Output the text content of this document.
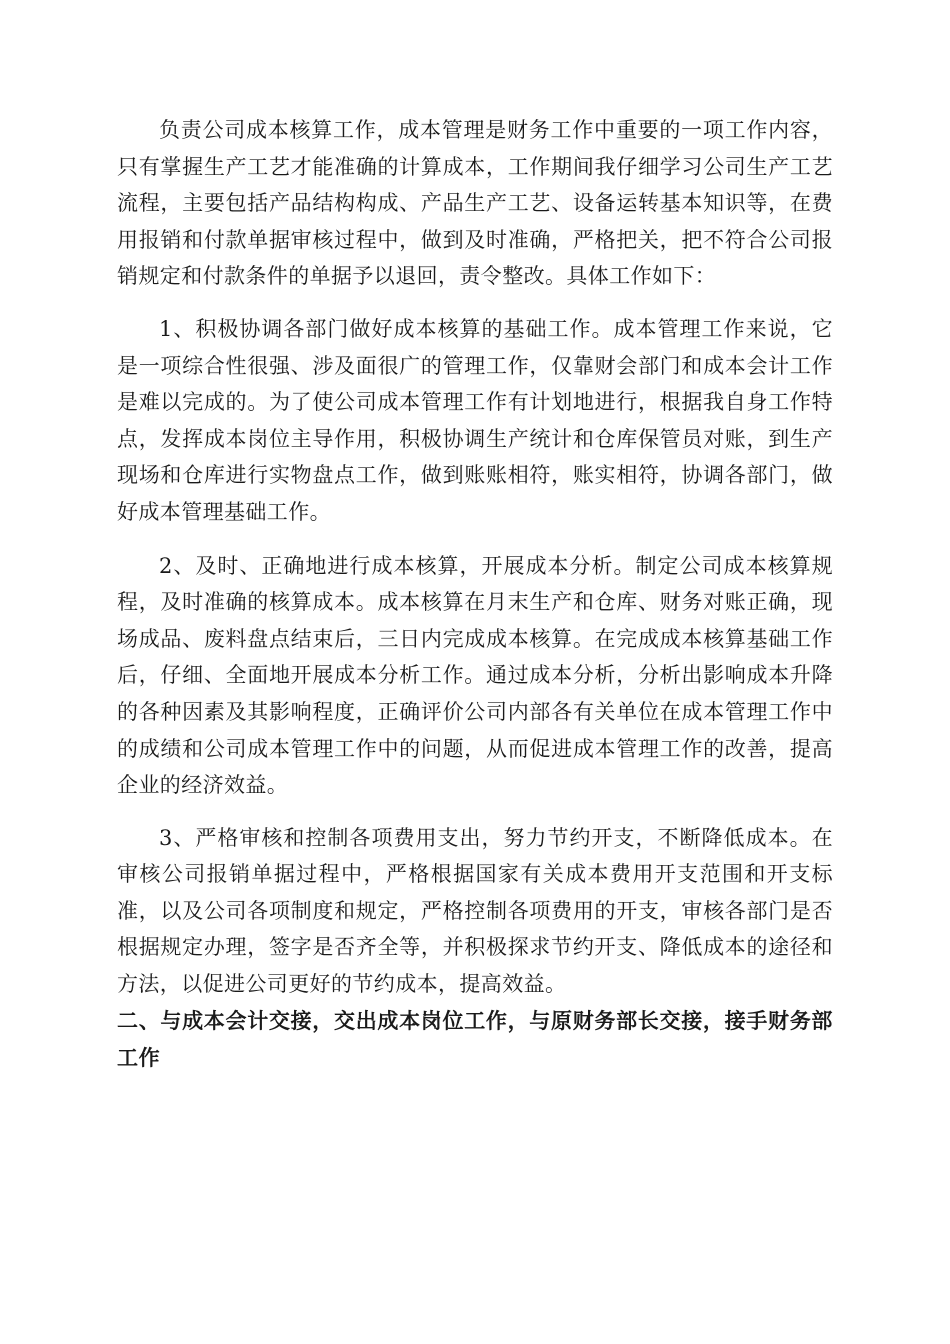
负责公司成本核算工作，成本管理是财务工作中重要的一项工作内容，只有掌握生产工艺才能准确的计算成本，工作期间我仔细学习公司生产工艺流程，主要包括产品结构构成、产品生产工艺、设备运转基本知识等，在费用报销和付款单据审核过程中，做到及时准确，严格把关，把不符合公司报销规定和付款条件的单据予以退回，责令整改。具体工作如下：

1、积极协调各部门做好成本核算的基础工作。成本管理工作来说，它是一项综合性很强、涉及面很广的管理工作，仅靠财会部门和成本会计工作是难以完成的。为了使公司成本管理工作有计划地进行，根据我自身工作特点，发挥成本岗位主导作用，积极协调生产统计和仓库保管员对账，到生产现场和仓库进行实物盘点工作，做到账账相符，账实相符，协调各部门，做好成本管理基础工作。

2、及时、正确地进行成本核算，开展成本分析。制定公司成本核算规程，及时准确的核算成本。成本核算在月末生产和仓库、财务对账正确，现场成品、废料盘点结束后，三日内完成成本核算。在完成成本核算基础工作后，仔细、全面地开展成本分析工作。通过成本分析，分析出影响成本升降的各种因素及其影响程度，正确评价公司内部各有关单位在成本管理工作中的成绩和公司成本管理工作中的问题，从而促进成本管理工作的改善，提高企业的经济效益。

3、严格审核和控制各项费用支出，努力节约开支，不断降低成本。在审核公司报销单据过程中，严格根据国家有关成本费用开支范围和开支标准，以及公司各项制度和规定，严格控制各项费用的开支，审核各部门是否根据规定办理，签字是否齐全等，并积极探求节约开支、降低成本的途径和方法，以促进公司更好的节约成本，提高效益。

二、与成本会计交接，交出成本岗位工作，与原财务部长交接，接手财务部工作
